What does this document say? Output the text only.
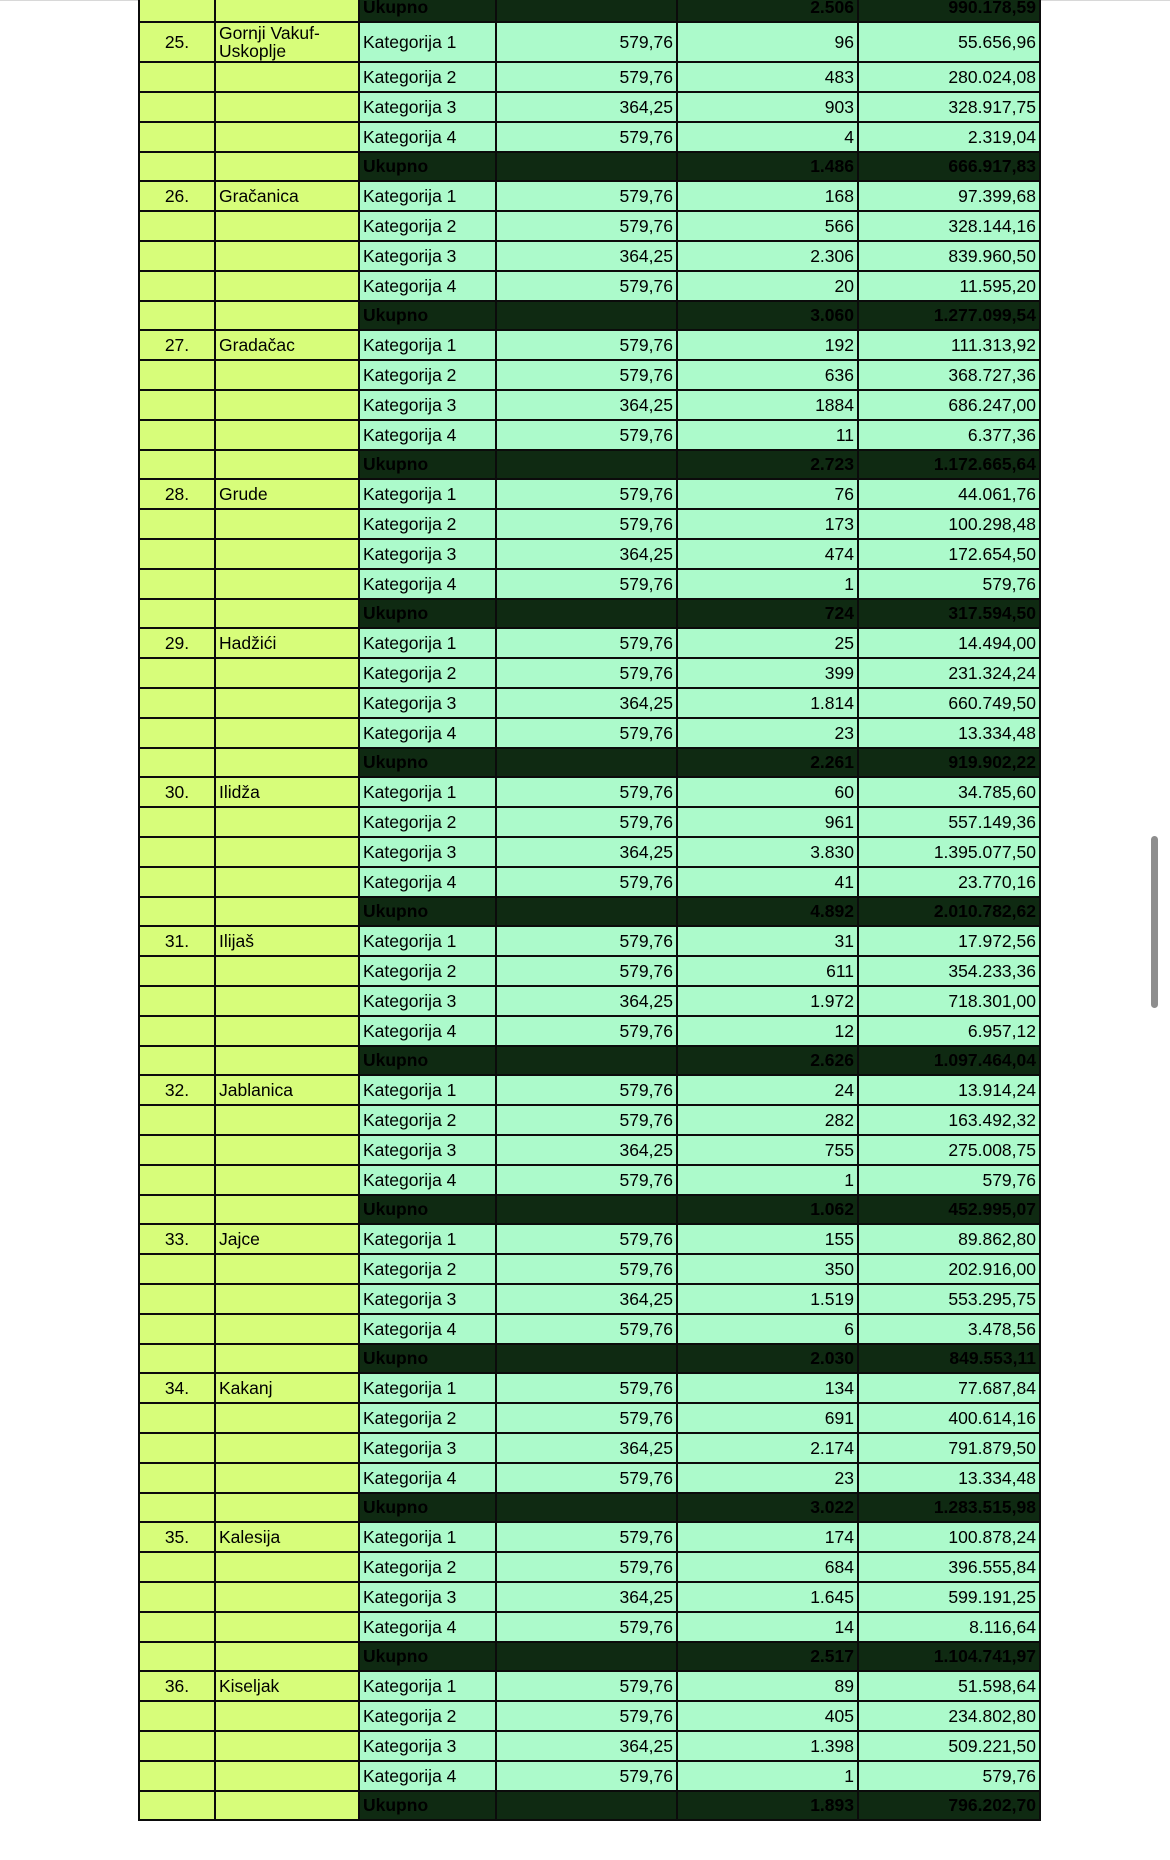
		Ukupno		2.506	990.178,59
25.	Gornji Vakuf-Uskoplje	Kategorija 1	579,76	96	55.656,96
		Kategorija 2	579,76	483	280.024,08
		Kategorija 3	364,25	903	328.917,75
		Kategorija 4	579,76	4	2.319,04
		Ukupno		1.486	666.917,83
26.	Gračanica	Kategorija 1	579,76	168	97.399,68
		Kategorija 2	579,76	566	328.144,16
		Kategorija 3	364,25	2.306	839.960,50
		Kategorija 4	579,76	20	11.595,20
		Ukupno		3.060	1.277.099,54
27.	Gradačac	Kategorija 1	579,76	192	111.313,92
		Kategorija 2	579,76	636	368.727,36
		Kategorija 3	364,25	1884	686.247,00
		Kategorija 4	579,76	11	6.377,36
		Ukupno		2.723	1.172.665,64
28.	Grude	Kategorija 1	579,76	76	44.061,76
		Kategorija 2	579,76	173	100.298,48
		Kategorija 3	364,25	474	172.654,50
		Kategorija 4	579,76	1	579,76
		Ukupno		724	317.594,50
29.	Hadžići	Kategorija 1	579,76	25	14.494,00
		Kategorija 2	579,76	399	231.324,24
		Kategorija 3	364,25	1.814	660.749,50
		Kategorija 4	579,76	23	13.334,48
		Ukupno		2.261	919.902,22
30.	Ilidža	Kategorija 1	579,76	60	34.785,60
		Kategorija 2	579,76	961	557.149,36
		Kategorija 3	364,25	3.830	1.395.077,50
		Kategorija 4	579,76	41	23.770,16
		Ukupno		4.892	2.010.782,62
31.	Ilijaš	Kategorija 1	579,76	31	17.972,56
		Kategorija 2	579,76	611	354.233,36
		Kategorija 3	364,25	1.972	718.301,00
		Kategorija 4	579,76	12	6.957,12
		Ukupno		2.626	1.097.464,04
32.	Jablanica	Kategorija 1	579,76	24	13.914,24
		Kategorija 2	579,76	282	163.492,32
		Kategorija 3	364,25	755	275.008,75
		Kategorija 4	579,76	1	579,76
		Ukupno		1.062	452.995,07
33.	Jajce	Kategorija 1	579,76	155	89.862,80
		Kategorija 2	579,76	350	202.916,00
		Kategorija 3	364,25	1.519	553.295,75
		Kategorija 4	579,76	6	3.478,56
		Ukupno		2.030	849.553,11
34.	Kakanj	Kategorija 1	579,76	134	77.687,84
		Kategorija 2	579,76	691	400.614,16
		Kategorija 3	364,25	2.174	791.879,50
		Kategorija 4	579,76	23	13.334,48
		Ukupno		3.022	1.283.515,98
35.	Kalesija	Kategorija 1	579,76	174	100.878,24
		Kategorija 2	579,76	684	396.555,84
		Kategorija 3	364,25	1.645	599.191,25
		Kategorija 4	579,76	14	8.116,64
		Ukupno		2.517	1.104.741,97
36.	Kiseljak	Kategorija 1	579,76	89	51.598,64
		Kategorija 2	579,76	405	234.802,80
		Kategorija 3	364,25	1.398	509.221,50
		Kategorija 4	579,76	1	579,76
		Ukupno		1.893	796.202,70
